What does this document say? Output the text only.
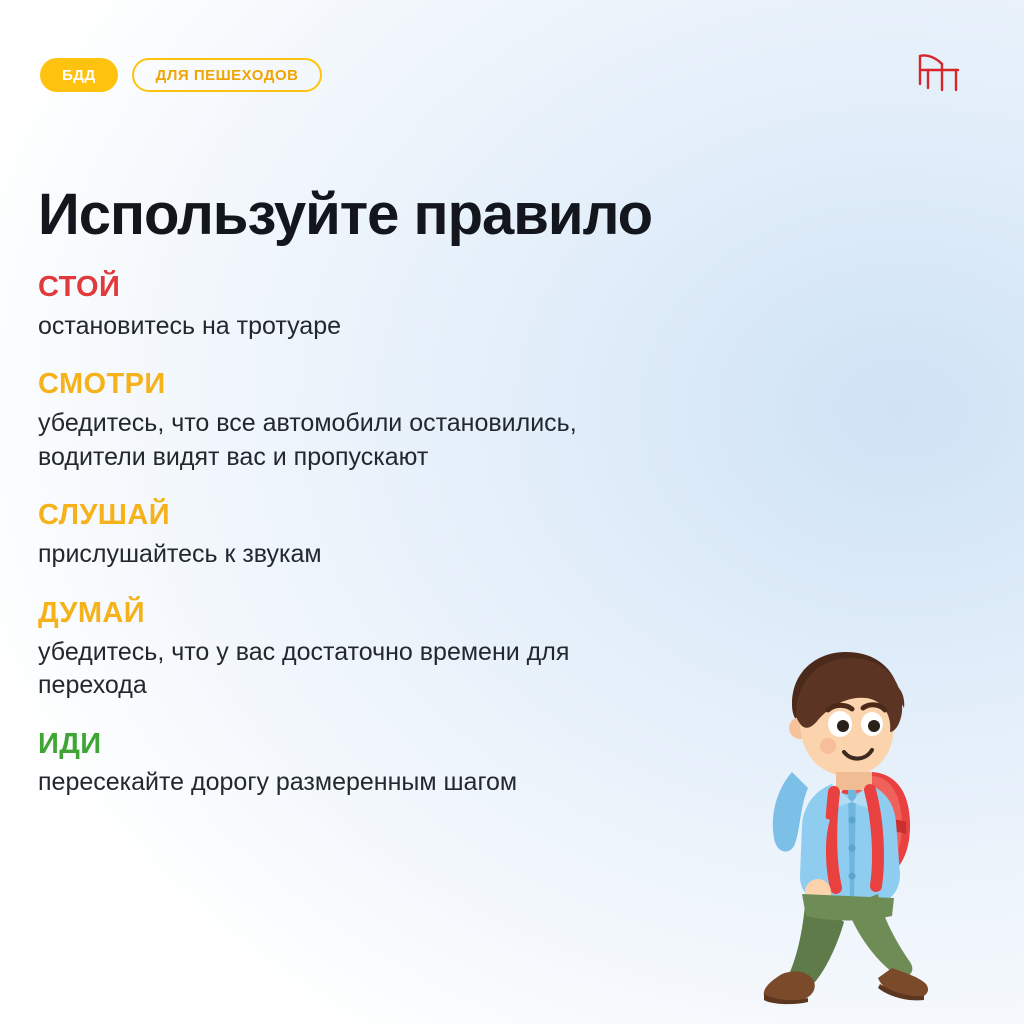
БДД	ДЛЯ ПЕШЕХОДОВ
Используйте правило

СТОЙ

остановитесь на тротуаре

СМОТРИ

убедитесь, что все автомобили остановились, водители видят вас и пропускают

СЛУШАЙ

прислушайтесь к звукам

ДУМАЙ

убедитесь, что у вас достаточно времени для перехода

ИДИ

пересекайте дорогу размеренным шагом
